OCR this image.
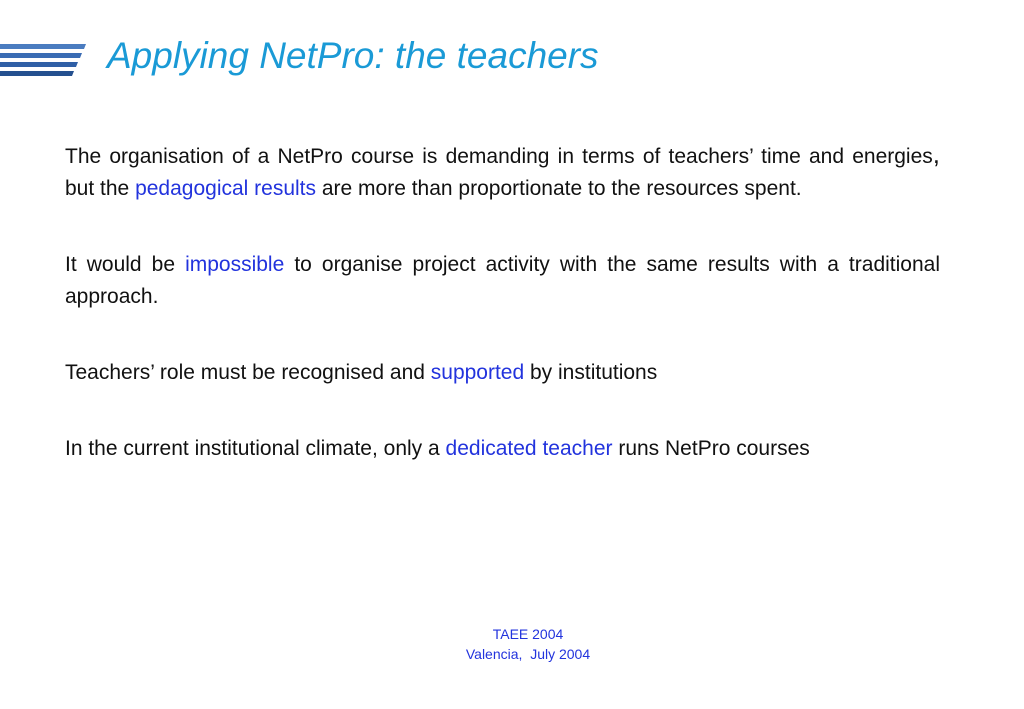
Applying NetPro: the teachers

The organisation of a NetPro course is demanding in terms of teachers’ time and energies, but the pedagogical results are more than proportionate to the resources spent.

It would be impossible to organise project activity with the same results with a traditional approach.

Teachers’ role must be recognised and supported by institutions

In the current institutional climate, only a dedicated teacher runs NetPro courses

TAEE 2004
Valencia,  July 2004
